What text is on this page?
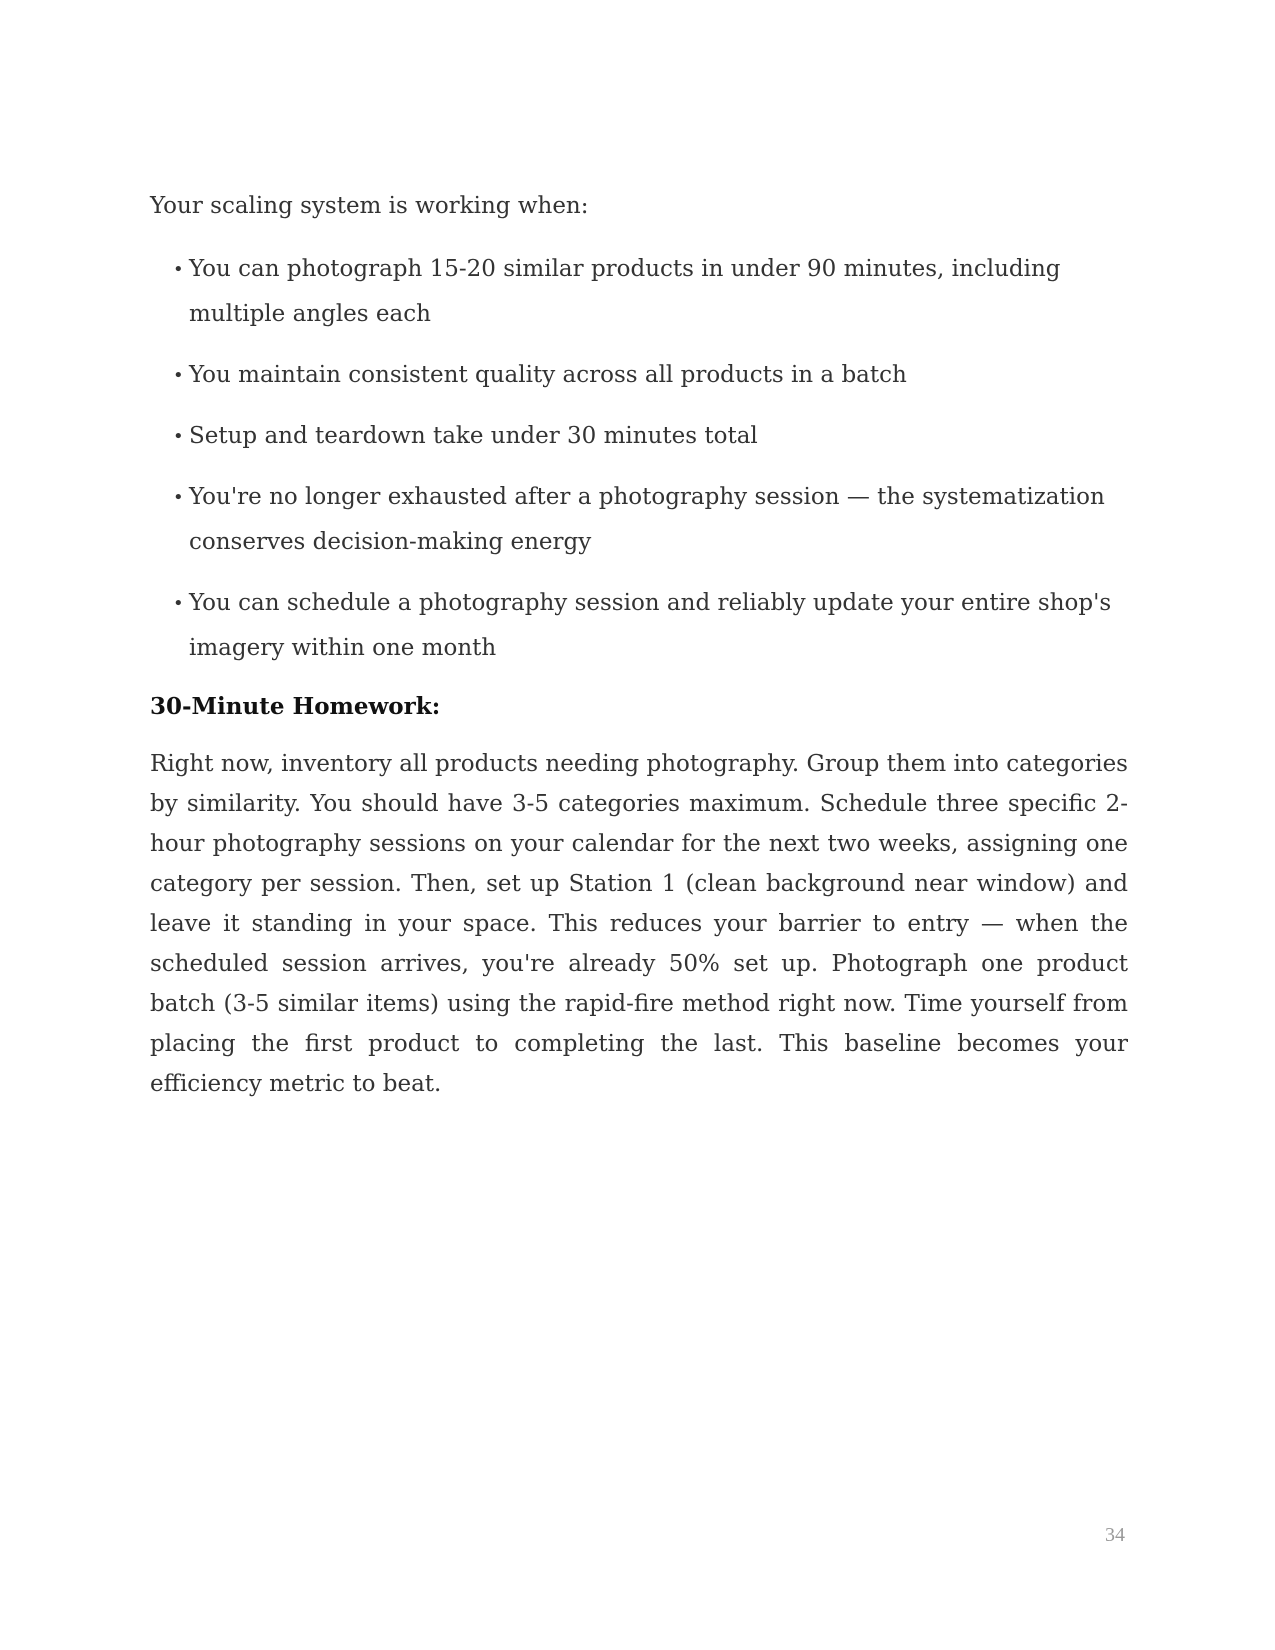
Your scaling system is working when:

• You can photograph 15-20 similar products in under 90 minutes, including multiple angles each
• You maintain consistent quality across all products in a batch
• Setup and teardown take under 30 minutes total
• You're no longer exhausted after a photography session — the systematization conserves decision-making energy
• You can schedule a photography session and reliably update your entire shop's imagery within one month
30-Minute Homework:

Right now, inventory all products needing photography. Group them into categories by similarity. You should have 3-5 categories maximum. Schedule three specific 2-hour photography sessions on your calendar for the next two weeks, assigning one category per session. Then, set up Station 1 (clean background near window) and leave it standing in your space. This reduces your barrier to entry — when the scheduled session arrives, you're already 50% set up. Photograph one product batch (3-5 similar items) using the rapid-fire method right now. Time yourself from placing the first product to completing the last. This baseline becomes your efficiency metric to beat.

34
